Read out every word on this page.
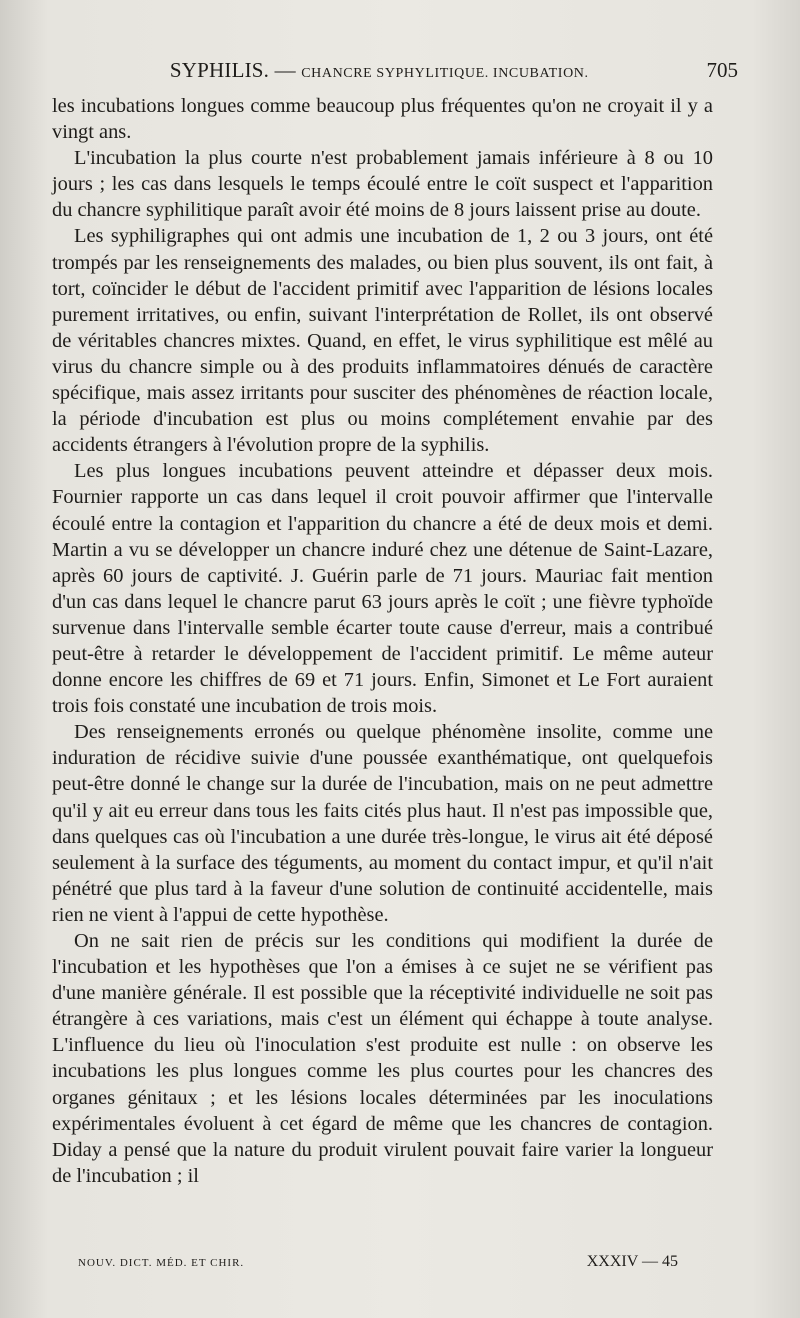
SYPHILIS. — CHANCRE SYPHYLITIQUE. INCUBATION.	705

les incubations longues comme beaucoup plus fréquentes qu'on ne croyait il y a vingt ans.

L'incubation la plus courte n'est probablement jamais inférieure à 8 ou 10 jours ; les cas dans lesquels le temps écoulé entre le coït suspect et l'apparition du chancre syphilitique paraît avoir été moins de 8 jours laissent prise au doute.

Les syphiligraphes qui ont admis une incubation de 1, 2 ou 3 jours, ont été trompés par les renseignements des malades, ou bien plus souvent, ils ont fait, à tort, coïncider le début de l'accident primitif avec l'apparition de lésions locales purement irritatives, ou enfin, suivant l'interprétation de Rollet, ils ont observé de véritables chancres mixtes. Quand, en effet, le virus syphilitique est mêlé au virus du chancre simple ou à des produits inflammatoires dénués de caractère spécifique, mais assez irritants pour susciter des phénomènes de réaction locale, la période d'incubation est plus ou moins complétement envahie par des accidents étrangers à l'évolution propre de la syphilis.

Les plus longues incubations peuvent atteindre et dépasser deux mois. Fournier rapporte un cas dans lequel il croit pouvoir affirmer que l'intervalle écoulé entre la contagion et l'apparition du chancre a été de deux mois et demi. Martin a vu se développer un chancre induré chez une détenue de Saint-Lazare, après 60 jours de captivité. J. Guérin parle de 71 jours. Mauriac fait mention d'un cas dans lequel le chancre parut 63 jours après le coït ; une fièvre typhoïde survenue dans l'intervalle semble écarter toute cause d'erreur, mais a contribué peut-être à retarder le développement de l'accident primitif. Le même auteur donne encore les chiffres de 69 et 71 jours. Enfin, Simonet et Le Fort auraient trois fois constaté une incubation de trois mois.

Des renseignements erronés ou quelque phénomène insolite, comme une induration de récidive suivie d'une poussée exanthématique, ont quelquefois peut-être donné le change sur la durée de l'incubation, mais on ne peut admettre qu'il y ait eu erreur dans tous les faits cités plus haut. Il n'est pas impossible que, dans quelques cas où l'incubation a une durée très-longue, le virus ait été déposé seulement à la surface des téguments, au moment du contact impur, et qu'il n'ait pénétré que plus tard à la faveur d'une solution de continuité accidentelle, mais rien ne vient à l'appui de cette hypothèse.

On ne sait rien de précis sur les conditions qui modifient la durée de l'incubation et les hypothèses que l'on a émises à ce sujet ne se vérifient pas d'une manière générale. Il est possible que la réceptivité individuelle ne soit pas étrangère à ces variations, mais c'est un élément qui échappe à toute analyse. L'influence du lieu où l'inoculation s'est produite est nulle : on observe les incubations les plus longues comme les plus courtes pour les chancres des organes génitaux ; et les lésions locales déterminées par les inoculations expérimentales évoluent à cet égard de même que les chancres de contagion. Diday a pensé que la nature du produit virulent pouvait faire varier la longueur de l'incubation ; il

NOUV. DICT. MÉD. ET CHIR.	XXXIV — 45
